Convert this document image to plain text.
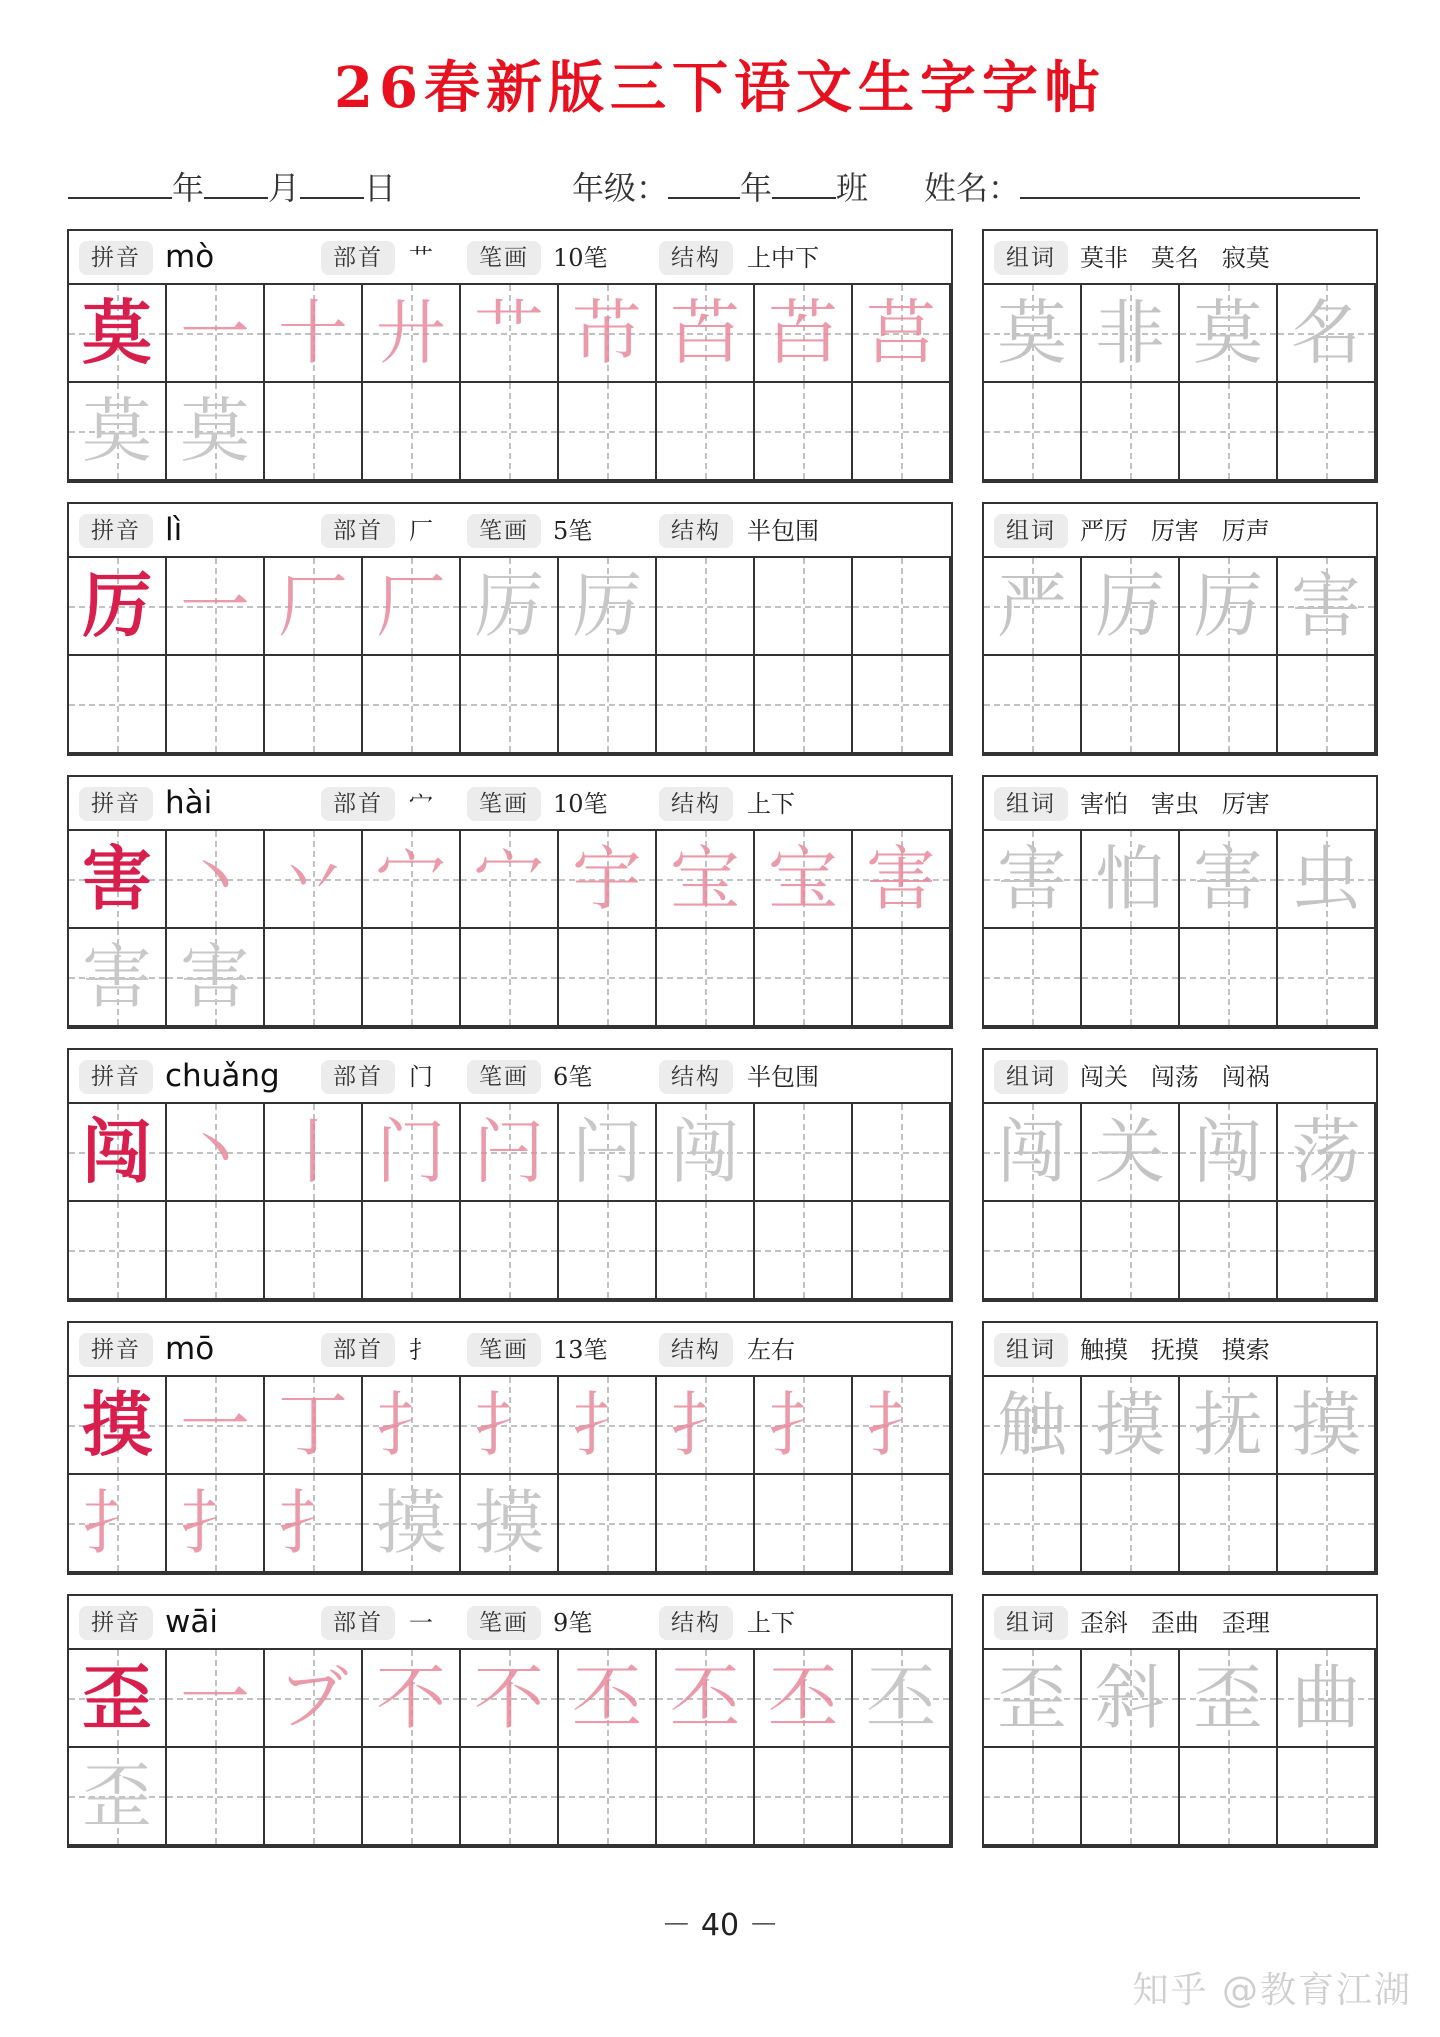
26春新版三下语文生字字帖
年 月 日	年级： 年 班 姓名：
拼音 mò	部首	艹	笔画	10笔	结构	上中下
莫 一 十 廾 艹 芇 苩 苩 莒
莫 莫
组词	莫非   莫名   寂莫
莫 非 莫 名
拼音 lì	部首	厂	笔画	5笔	结构	半包围
厉 一 厂 厂 厉 厉
组词	严厉   厉害   厉声
严 厉 厉 害
拼音 hài	部首	宀	笔画	10笔	结构	上下
害 丶 丷 宀 宀 宇 宝 宝 害
害 害
组词	害怕   害虫   厉害
害 怕 害 虫
拼音 chuǎng	部首	门	笔画	6笔	结构	半包围
闯 丶 丨 门 闩 闩 闯
组词	闯关   闯荡   闯祸
闯 关 闯 荡
拼音 mō	部首	扌	笔画	13笔	结构	左右
摸 一 丁 扌 扌 扌 扌 扌 扌
扌 扌 扌 摸 摸
组词	触摸   抚摸   摸索
触 摸 抚 摸
拼音 wāi	部首	一	笔画	9笔	结构	上下
歪 一 ブ 不 不 丕 丕 丕 丕
歪
组词	歪斜   歪曲   歪理
歪 斜 歪 曲
－ 40 －
知乎 @教育江湖
